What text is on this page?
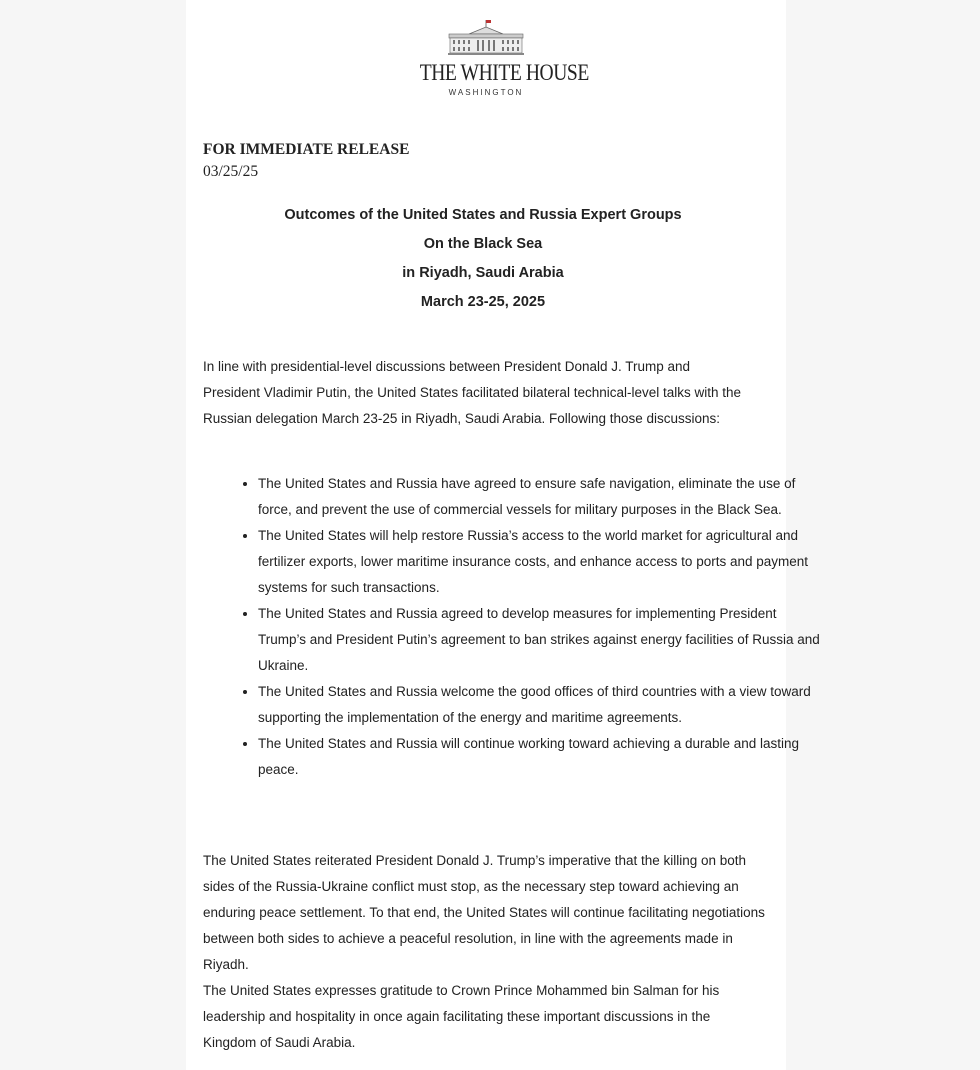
THE WHITE HOUSE
WASHINGTON
FOR IMMEDIATE RELEASE
03/25/25
Outcomes of the United States and Russia Expert Groups
On the Black Sea
in Riyadh, Saudi Arabia
March 23-25, 2025
In line with presidential-level discussions between President Donald J. Trump and President Vladimir Putin, the United States facilitated bilateral technical-level talks with the Russian delegation March 23-25 in Riyadh, Saudi Arabia. Following those discussions:
• The United States and Russia have agreed to ensure safe navigation, eliminate the use of force, and prevent the use of commercial vessels for military purposes in the Black Sea.
• The United States will help restore Russia’s access to the world market for agricultural and fertilizer exports, lower maritime insurance costs, and enhance access to ports and payment systems for such transactions.
• The United States and Russia agreed to develop measures for implementing President Trump’s and President Putin’s agreement to ban strikes against energy facilities of Russia and Ukraine.
• The United States and Russia welcome the good offices of third countries with a view toward supporting the implementation of the energy and maritime agreements.
• The United States and Russia will continue working toward achieving a durable and lasting peace.
The United States reiterated President Donald J. Trump’s imperative that the killing on both sides of the Russia-Ukraine conflict must stop, as the necessary step toward achieving an enduring peace settlement. To that end, the United States will continue facilitating negotiations between both sides to achieve a peaceful resolution, in line with the agreements made in Riyadh.
The United States expresses gratitude to Crown Prince Mohammed bin Salman for his leadership and hospitality in once again facilitating these important discussions in the Kingdom of Saudi Arabia.
